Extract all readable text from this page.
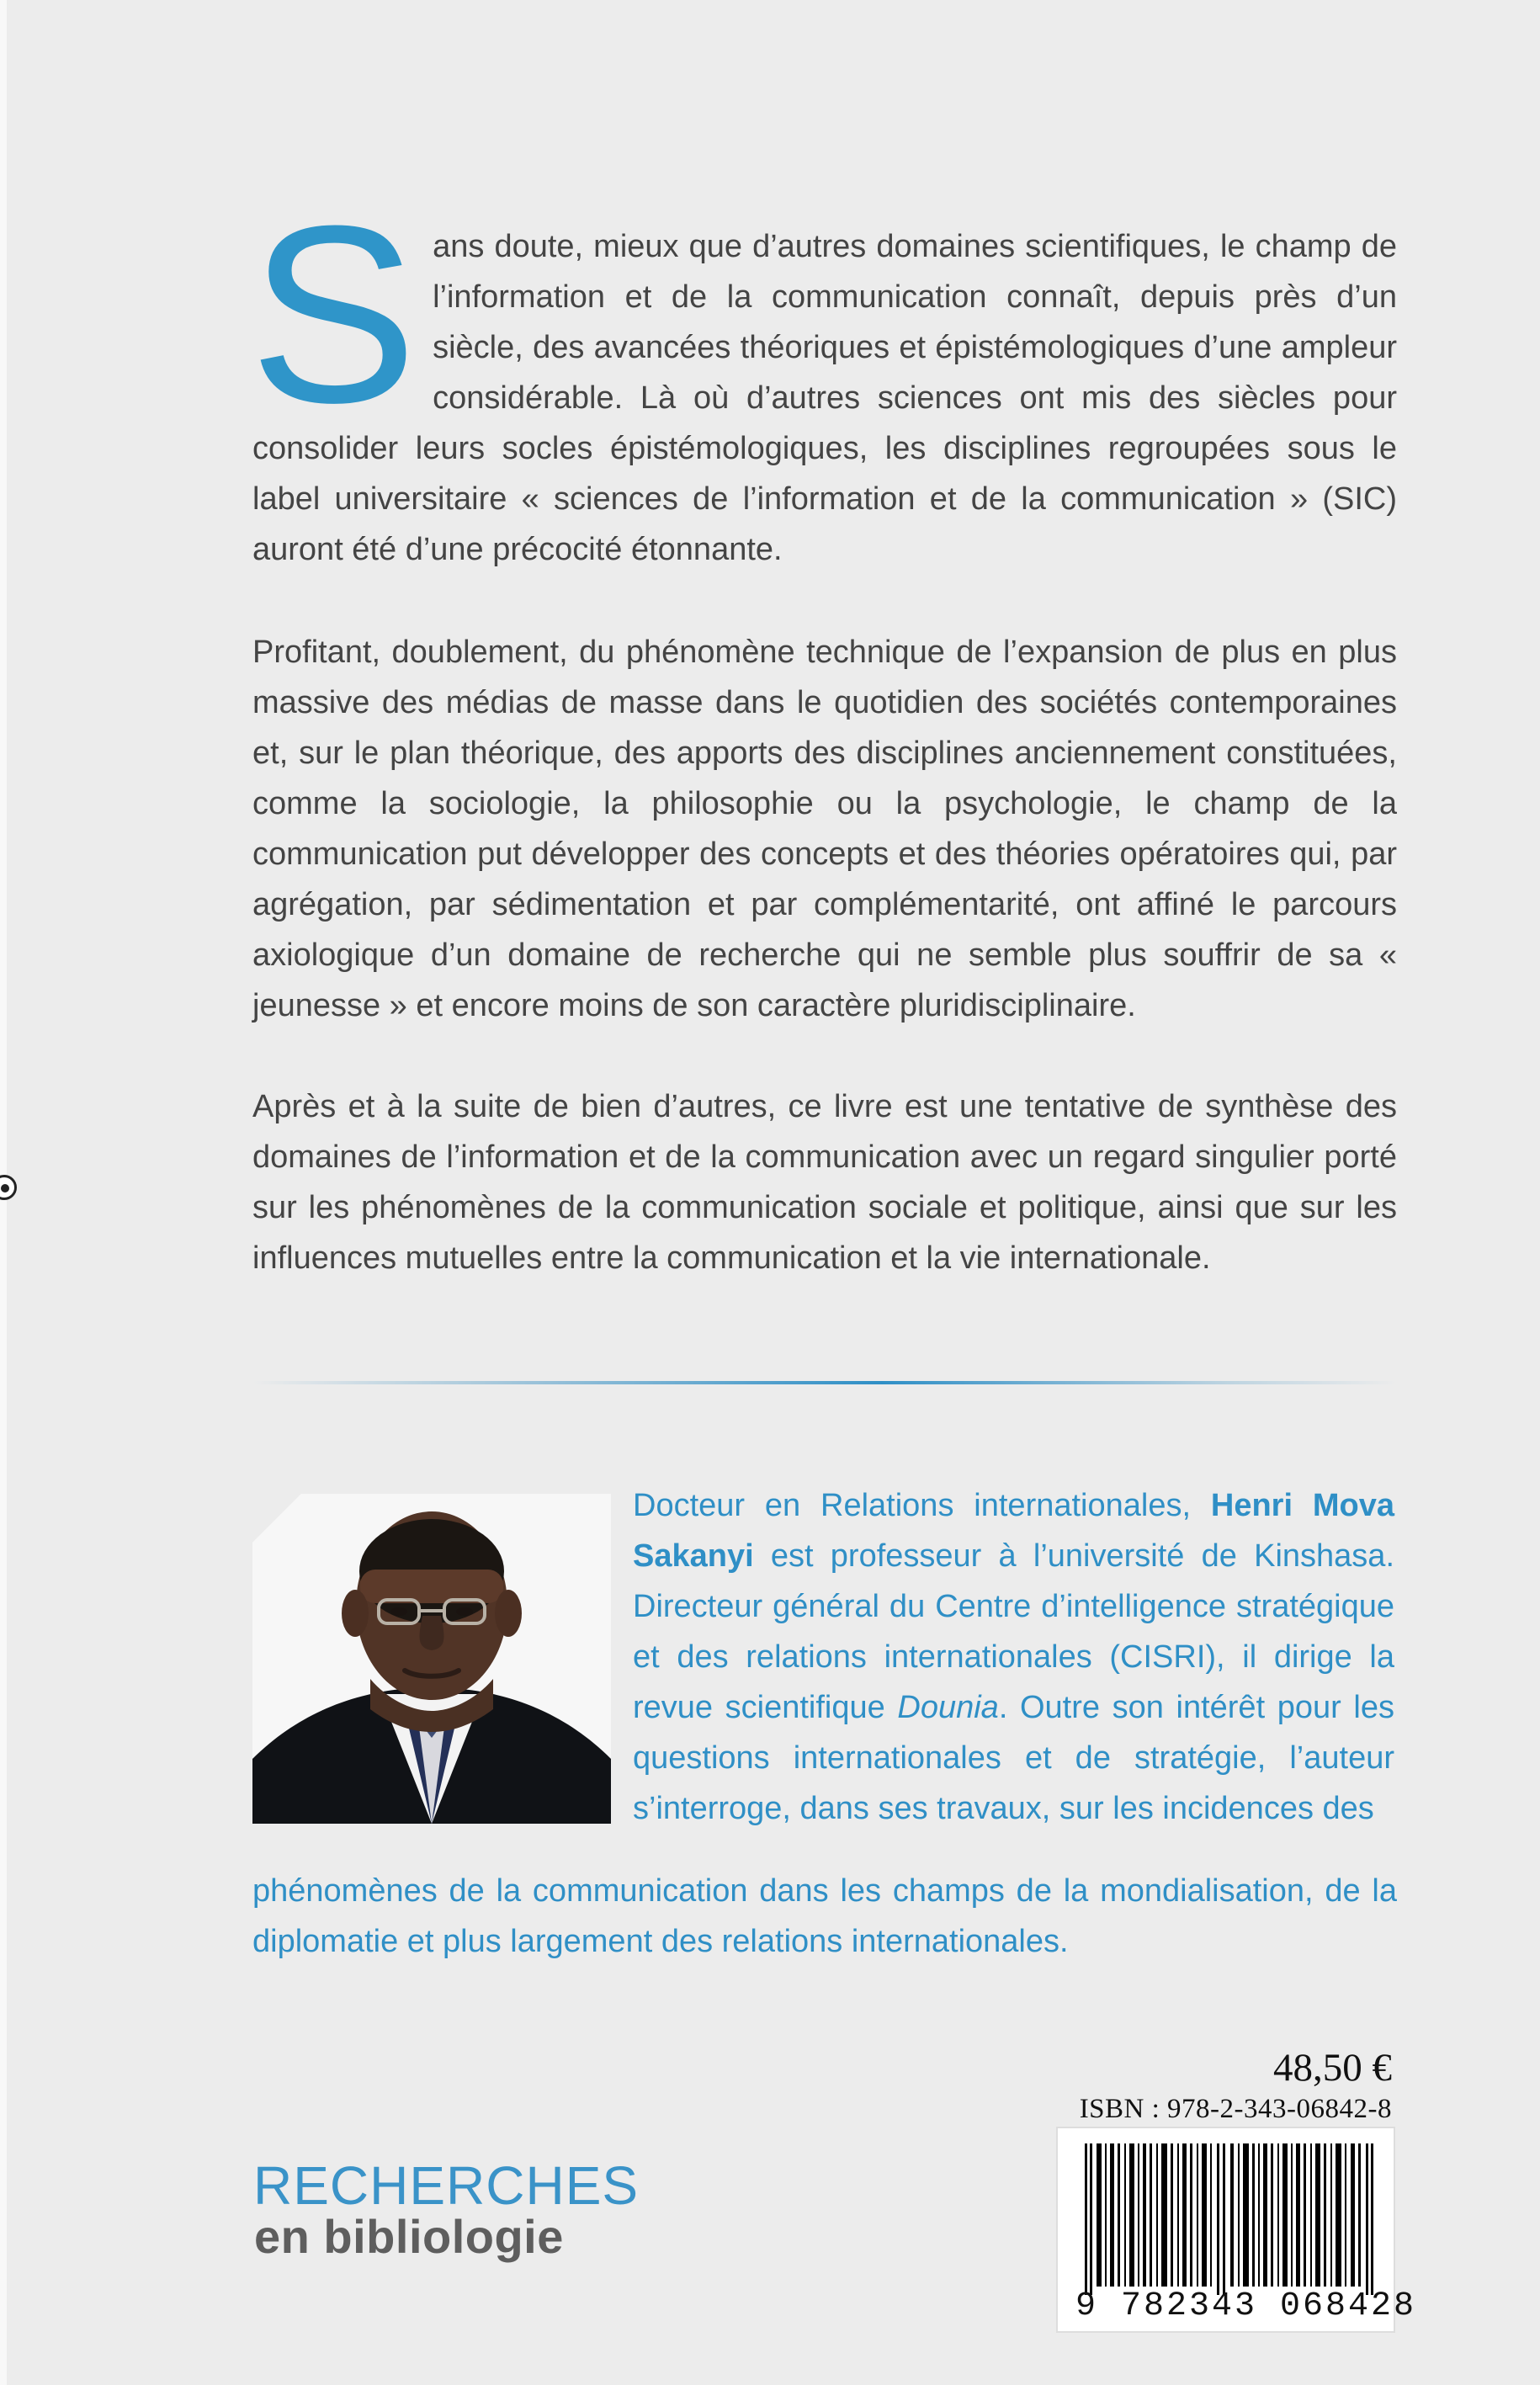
S ans doute, mieux que d’autres domaines scientifiques, le champ de l’information et de la communication connaît, depuis près d’un siècle, des avancées théoriques et épistémologiques d’une ampleur considérable. Là où d’autres sciences ont mis des siècles pour consolider leurs socles épistémologiques, les disciplines regroupées sous le label universitaire « sciences de l’information et de la communication » (SIC) auront été d’une précocité étonnante.

Profitant, doublement, du phénomène technique de l’expansion de plus en plus massive des médias de masse dans le quotidien des sociétés contemporaines et, sur le plan théorique, des apports des disciplines anciennement constituées, comme la sociologie, la philosophie ou la psychologie, le champ de la communication put développer des concepts et des théories opératoires qui, par agrégation, par sédimentation et par complémentarité, ont affiné le parcours axiologique d’un domaine de recherche qui ne semble plus souffrir de sa « jeunesse » et encore moins de son caractère pluridisciplinaire.

Après et à la suite de bien d’autres, ce livre est une tentative de synthèse des domaines de l’information et de la communication avec un regard singulier porté sur les phénomènes de la communication sociale et politique, ainsi que sur les influences mutuelles entre la communication et la vie internationale.

Docteur en Relations internationales, Henri Mova Sakanyi est professeur à l’université de Kinshasa. Directeur général du Centre d’intelligence stratégique et des relations internationales (CISRI), il dirige la revue scientifique Dounia. Outre son intérêt pour les questions internationales et de stratégie, l’auteur s’interroge, dans ses travaux, sur les incidences des

phénomènes de la communication dans les champs de la mondialisation, de la diplomatie et plus largement des relations internationales.

48,50 €
ISBN : 978-2-343-06842-8
9 782343 068428
RECHERCHES
en bibliologie
